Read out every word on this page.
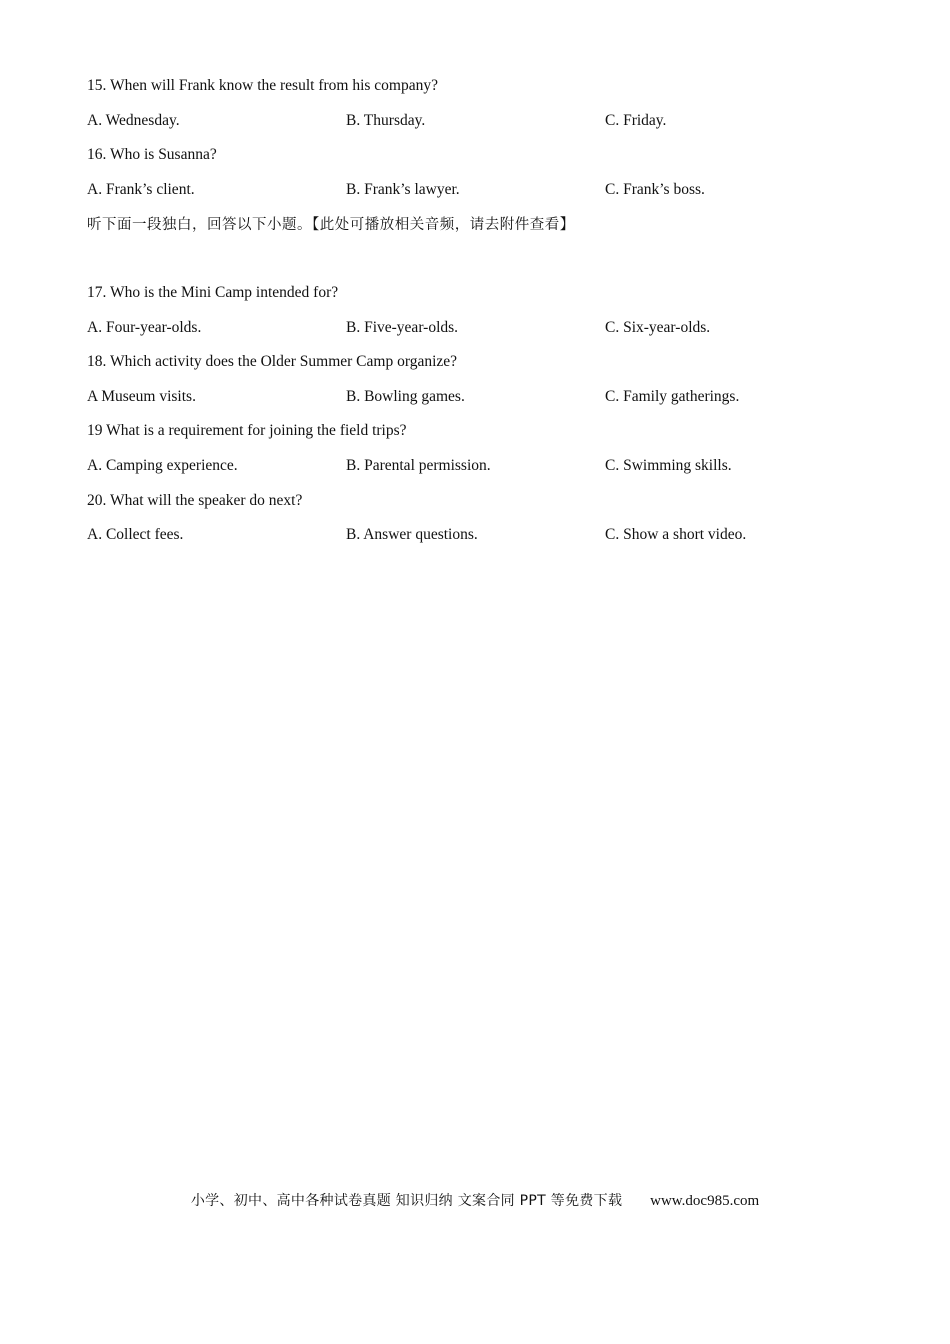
15. When will Frank know the result from his company?
A. Wednesday.	B. Thursday.	C. Friday.
16. Who is Susanna?
A. Frank’s client.	B. Frank’s lawyer.	C. Frank’s boss.
听下面一段独白，回答以下小题。【此处可播放相关音频，请去附件查看】
17. Who is the Mini Camp intended for?
A. Four-year-olds.	B. Five-year-olds.	C. Six-year-olds.
18. Which activity does the Older Summer Camp organize?
A Museum visits.	B. Bowling games.	C. Family gatherings.
19 What is a requirement for joining the field trips?
A. Camping experience.	B. Parental permission.	C. Swimming skills.
20. What will the speaker do next?
A. Collect fees.	B. Answer questions.	C. Show a short video.
小学、初中、高中各种试卷真题 知识归纳 文案合同 PPT 等免费下载 www.doc985.com
